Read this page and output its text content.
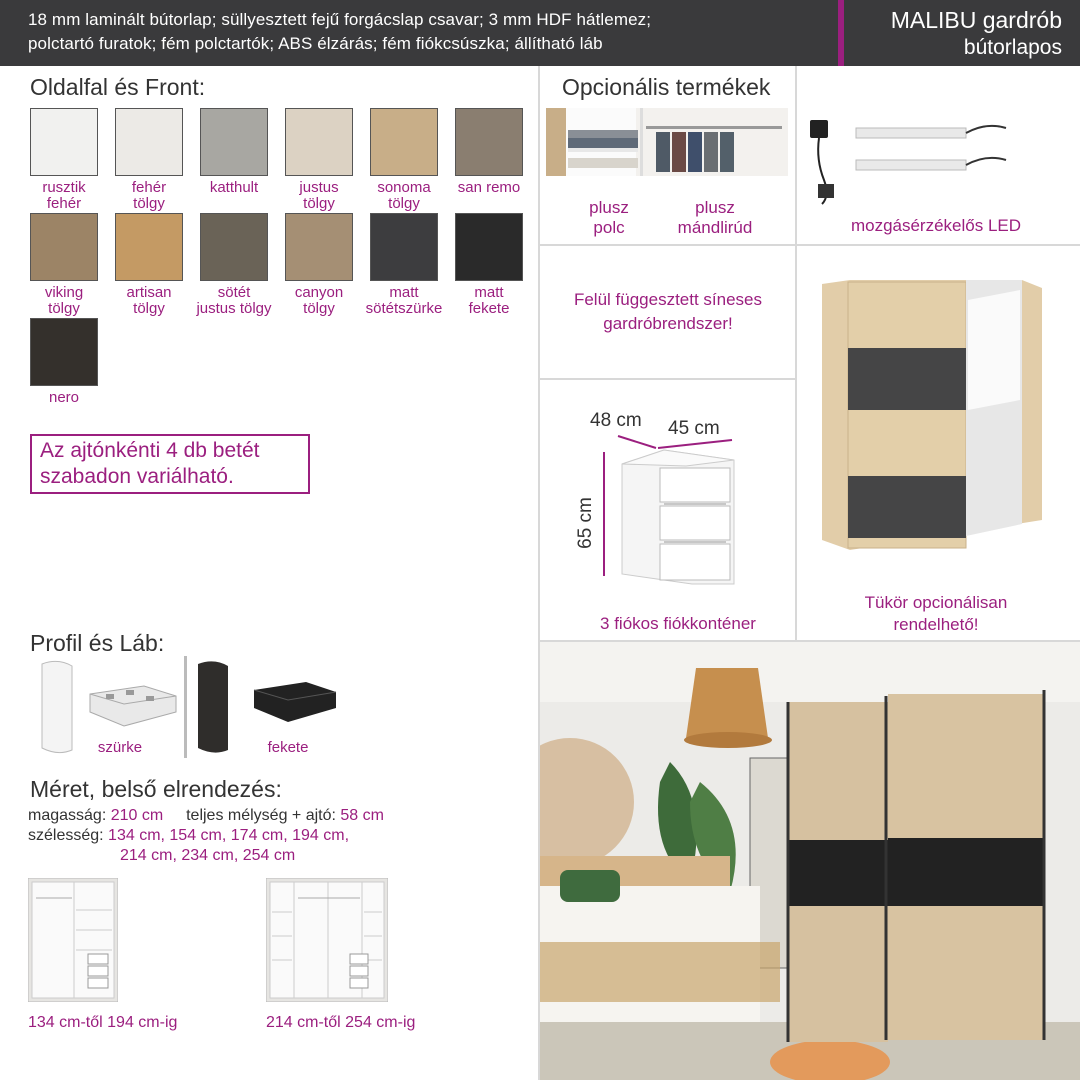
18 mm laminált bútorlap; süllyesztett fejű forgácslap csavar; 3 mm HDF hátlemez;
polctartó furatok; fém polctartók; ABS élzárás; fém fiókcsúszka; állítható láb
MALIBU gardrób
bútorlapos
Oldalfal és Front:
rusztik
fehér
fehér
tölgy
katthult	justus
tölgy
sonoma
tölgy
san remo
viking
tölgy
artisan
tölgy
sötét
justus tölgy
canyon
tölgy
matt
sötétszürke
matt
fekete
nero
Az ajtónkénti 4 db betét
szabadon variálható.
Profil és Láb:
szürke	fekete
Méret, belső elrendezés:
magasság: 210 cm teljes mélység + ajtó: 58 cm
szélesség: 134 cm, 154 cm, 174 cm, 194 cm,
214 cm, 234 cm, 254 cm
134 cm-től 194 cm-ig	214 cm-től 254 cm-ig
Opcionális termékek
plusz
polc
plusz
mándlirúd	mozgásérzékelős LED
Felül függesztett síneses
gardróbrendszer!
48 cm 45 cm
65 cm
3 fiókos fiókkonténer
Tükör opcionálisan
rendelhető!
